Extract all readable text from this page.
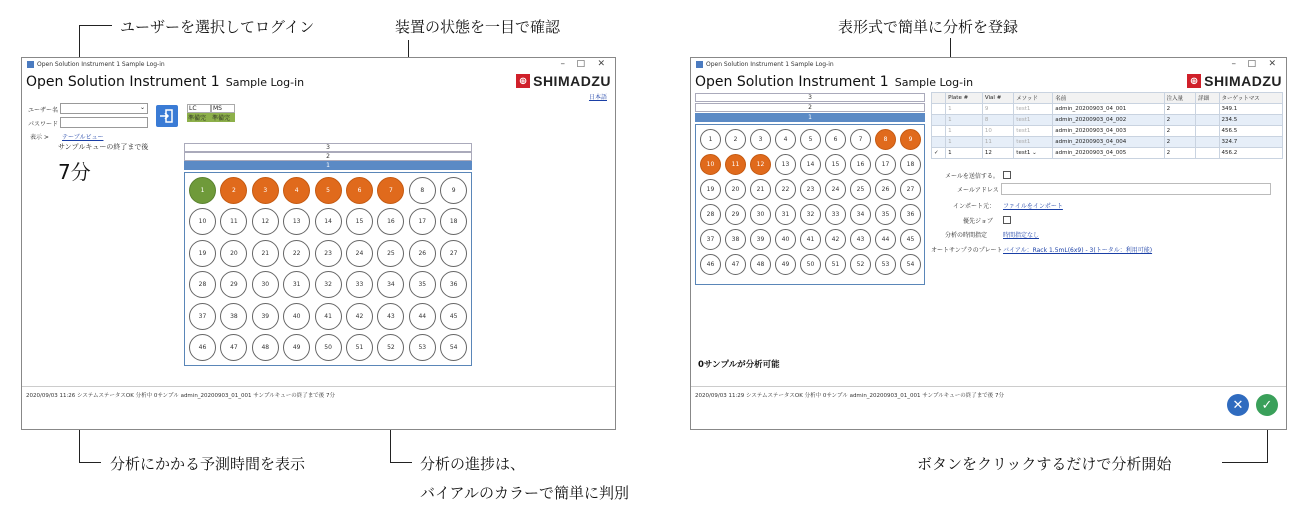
ユーザーを選択してログイン	装置の状態を一目で確認
分析にかかる予測時間を表示	分析の進捗は、
バイアルのカラーで簡単に判別
表形式で簡単に分析を登録
ボタンをクリックするだけで分析開始
Open Solution Instrument 1 Sample Log-in	– □ ✕
Open Solution Instrument 1 Sample Log-in	⊕ SHIMADZU
日本語
ユーザー名	⌄
パスワード
表示 > テーブルビュー
サンプルキューの終了まで後
7分
LC	MS
準備完 準備完
3
2
1
1	2	3	4	5	6	7	8	9
10	11	12	13	14	15	16	17	18
19	20	21	22	23	24	25	26	27
28	29	30	31	32	33	34	35	36
37	38	39	40	41	42	43	44	45
46	47	48	49	50	51	52	53	54
2020/09/03 11:26 システムステータスOK 分析中 0サンプル admin_20200903_01_001 サンプルキューの終了まで後 7分
Open Solution Instrument 1 Sample Log-in	– □ ✕
Open Solution Instrument 1 Sample Log-in	⊕ SHIMADZU
3
2
1
1	2	3	4	5	6	7	8	9
10	11	12	13	14	15	16	17	18
19	20	21	22	23	24	25	26	27
28	29	30	31	32	33	34	35	36
37	38	39	40	41	42	43	44	45
46	47	48	49	50	51	52	53	54
	Plate #	Vial #	メソッド	名前	注入量	詳細	ターゲットマス
	1	9	test1	admin_20200903_04_001	2		349.1
	1	8	test1	admin_20200903_04_002	2		234.5
	1	10	test1	admin_20200903_04_003	2		456.5
	1	11	test1	admin_20200903_04_004	2		324.7
✓	1	12	test1 ⌄	admin_20200903_04_005	2		456.2
メールを送信する。
メールアドレス
インポート元： ファイルをインポート
優先ジョブ
分析の時間指定	時間指定なし
オートサンプラのプレート バイアル：Rack 1.5mL(6x9) - 3(トータル：利用可能)
0サンプルが分析可能
2020/09/03 11:29 システムステータスOK 分析中 0サンプル admin_20200903_01_001 サンプルキューの終了まで後 7分
✕ ✓
